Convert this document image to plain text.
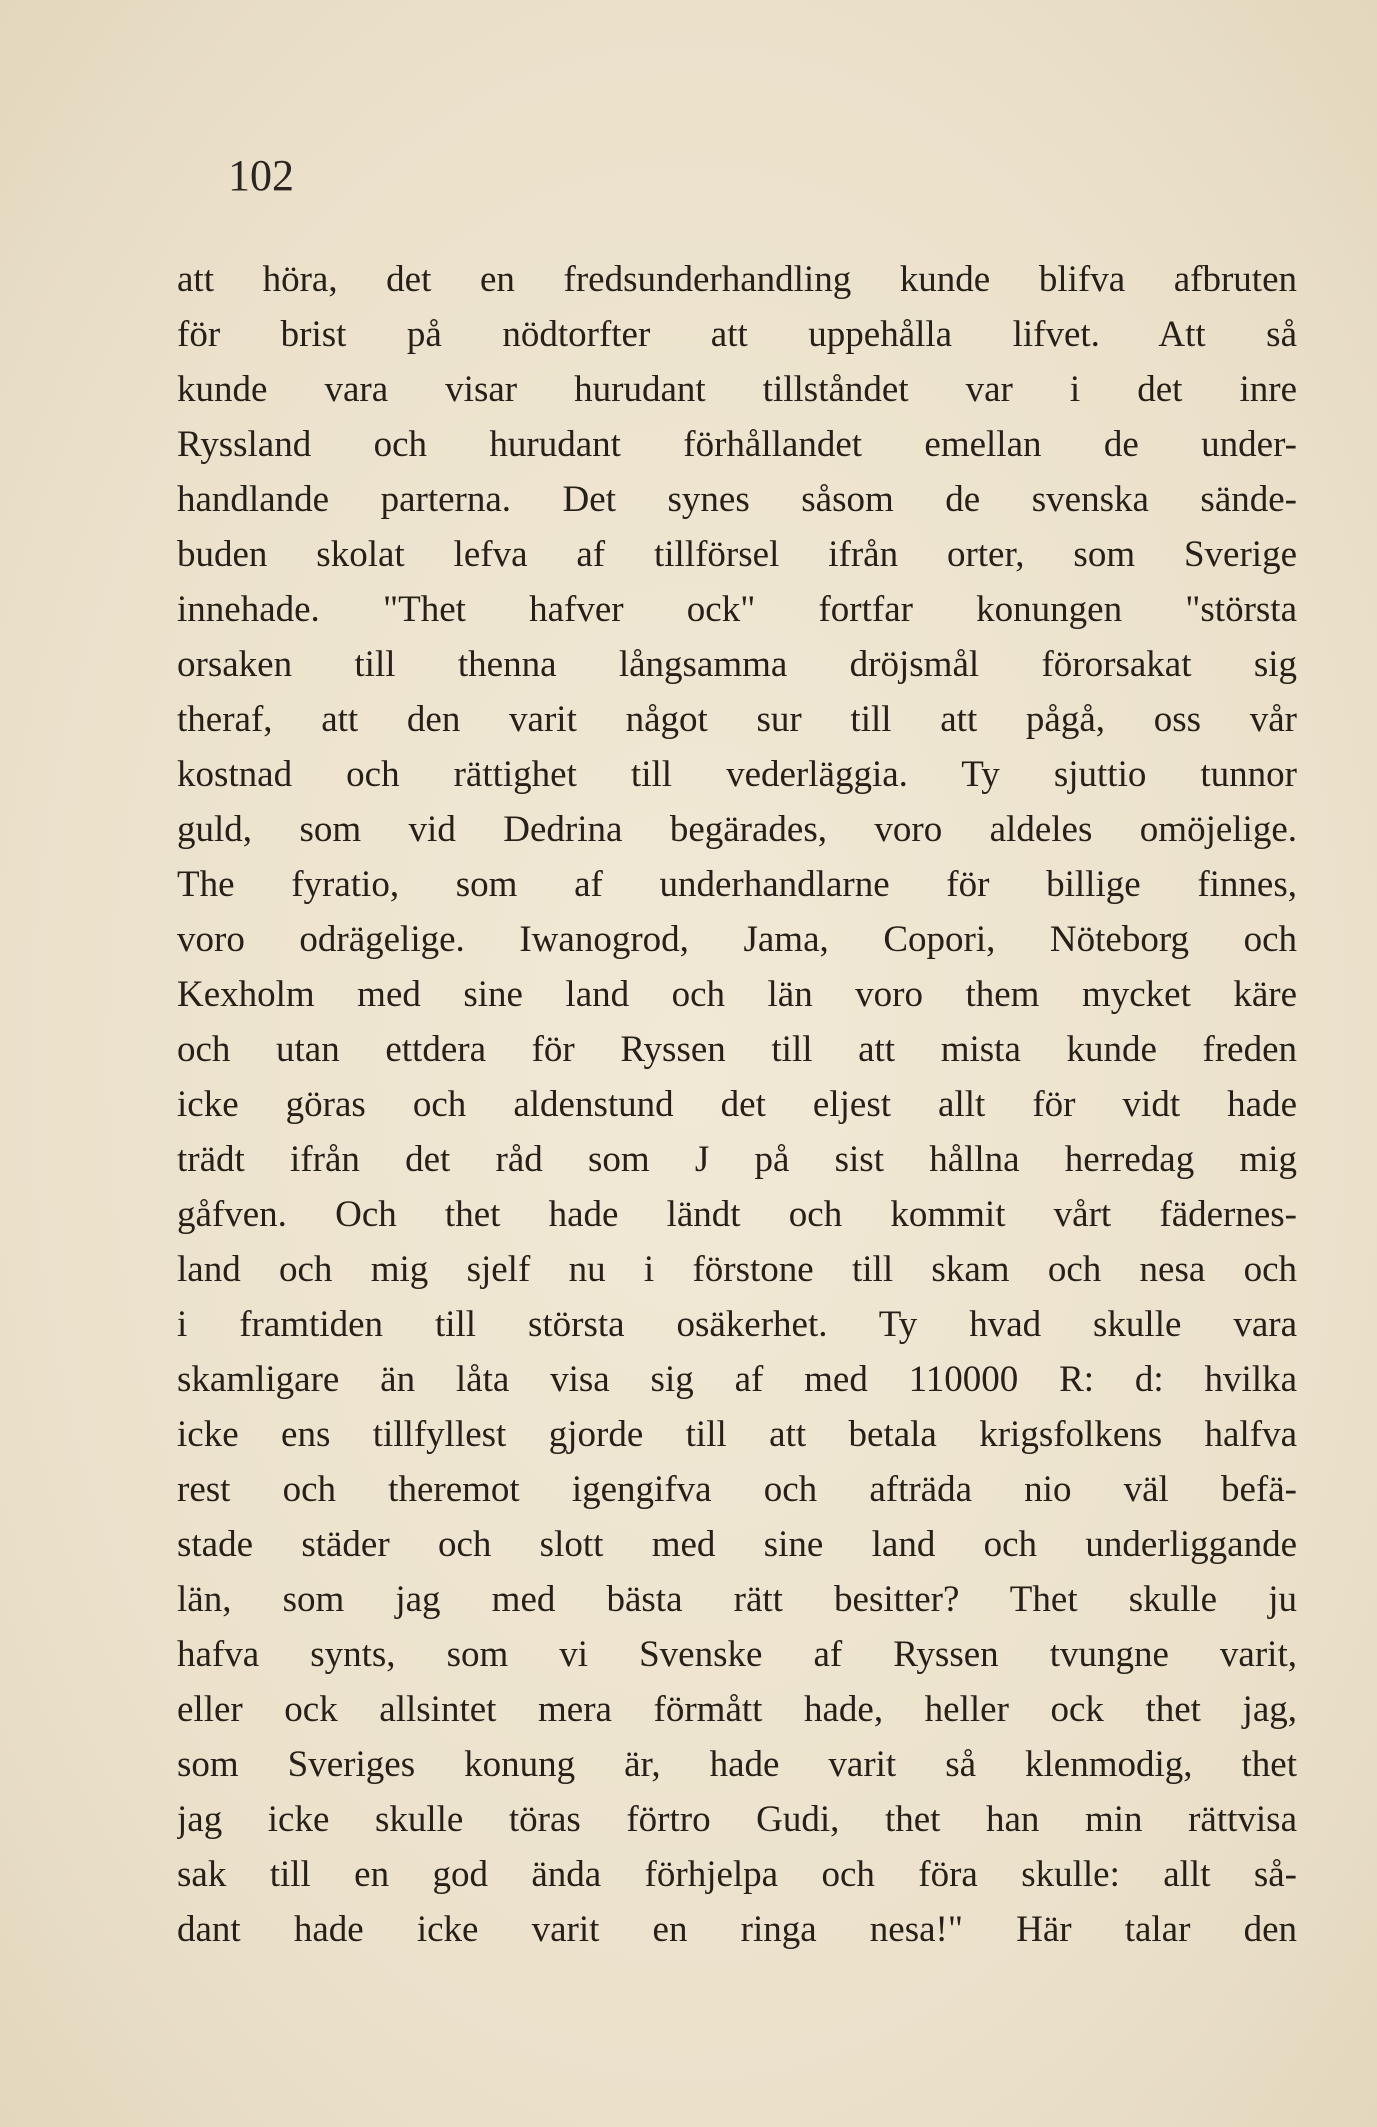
102
att höra, det en fredsunderhandling kunde blifva afbruten
för brist på nödtorfter att uppehålla lifvet. Att så
kunde vara visar hurudant tillståndet var i det inre
Ryssland och hurudant förhållandet emellan de under-
handlande parterna. Det synes såsom de svenska sände-
buden skolat lefva af tillförsel ifrån orter, som Sverige
innehade. "Thet hafver ock" fortfar konungen "största
orsaken till thenna långsamma dröjsmål förorsakat sig
theraf, att den varit något sur till att pågå, oss vår
kostnad och rättighet till vederläggia. Ty sjuttio tunnor
guld, som vid Dedrina begärades, voro aldeles omöjelige.
The fyratio, som af underhandlarne för billige finnes,
voro odrägelige. Iwanogrod, Jama, Copori, Nöteborg och
Kexholm med sine land och län voro them mycket käre
och utan ettdera för Ryssen till att mista kunde freden
icke göras och aldenstund det eljest allt för vidt hade
trädt ifrån det råd som J på sist hållna herredag mig
gåfven. Och thet hade ländt och kommit vårt fädernes-
land och mig sjelf nu i förstone till skam och nesa och
i framtiden till största osäkerhet. Ty hvad skulle vara
skamligare än låta visa sig af med 110000 R: d: hvilka
icke ens tillfyllest gjorde till att betala krigsfolkens halfva
rest och theremot igengifva och afträda nio väl befä-
stade städer och slott med sine land och underliggande
län, som jag med bästa rätt besitter? Thet skulle ju
hafva synts, som vi Svenske af Ryssen tvungne varit,
eller ock allsintet mera förmått hade, heller ock thet jag,
som Sveriges konung är, hade varit så klenmodig, thet
jag icke skulle töras förtro Gudi, thet han min rättvisa
sak till en god ända förhjelpa och föra skulle: allt så-
dant hade icke varit en ringa nesa!" Här talar den
